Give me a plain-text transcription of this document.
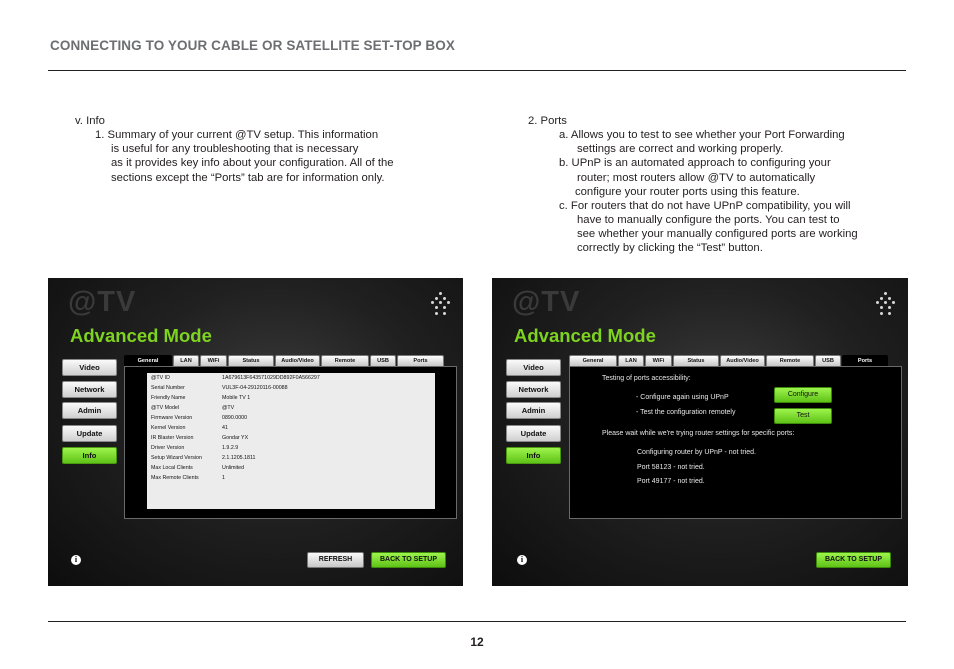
CONNECTING TO YOUR CABLE OR SATELLITE SET-TOP BOX
v. Info
1. Summary of your current @TV setup. This information
is useful for any troubleshooting that is necessary
as it provides key info about your configuration. All of the
sections except the “Ports” tab are for information only.
2. Ports
a. Allows you to test to see whether your Port Forwarding
settings are correct and working properly.
b. UPnP is an automated approach to configuring your
router; most routers allow @TV to automatically
configure your router ports using this feature.
c. For routers that do not have UPnP compatibility, you will
have to manually configure the ports. You can test to
see whether your manually configured ports are working
correctly by clicking the “Test” button.
@TV
Advanced Mode
Video
Network
Admin
Update
Info
General	LAN	WiFi	Status	Audio/Video	Remote	USB	Ports
@TV ID	1A679613F643571029DD892F0A566297
Serial Number	VUL3F-04-29120116-00088
Friendly Name	Mobile TV 1
@TV Model	@TV
Firmware Version	0890.0000
Kernel Version	41
IR Blaster Version	Gondar YX
Driver Version	1.9.2.9
Setup Wizard Version	2.1.1205.1811
Max Local Clients	Unlimited
Max Remote Clients	1
i	REFRESH	BACK TO SETUP
@TV
Advanced Mode
Video
Network
Admin
Update
Info
General	LAN	WiFi	Status	Audio/Video	Remote	USB	Ports
Testing of ports accessibility:
- Configure again using UPnP	Configure
- Test the configuration remotely	Test
Please wait while we're trying router settings for specific ports:
Configuring router by UPnP - not tried.
Port 58123 - not tried.
Port 49177 - not tried.
i	BACK TO SETUP
12
